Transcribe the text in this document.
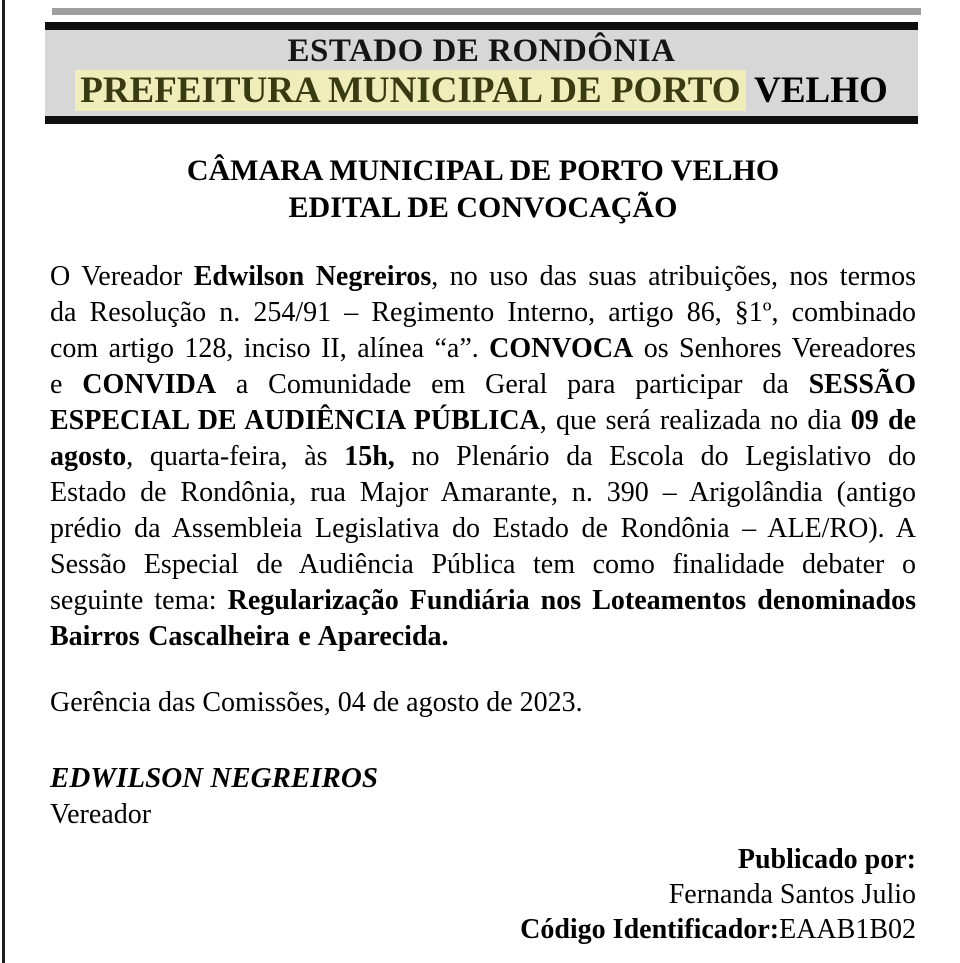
ESTADO DE RONDÔNIA
PREFEITURA MUNICIPAL DE PORTO VELHO
CÂMARA MUNICIPAL DE PORTO VELHO
EDITAL DE CONVOCAÇÃO

O Vereador Edwilson Negreiros, no uso das suas atribuições, nos termos da Resolução n. 254/91 – Regimento Interno, artigo 86, §1º, combinado com artigo 128, inciso II, alínea “a”. CONVOCA os Senhores Vereadores e CONVIDA a Comunidade em Geral para participar da SESSÃO ESPECIAL DE AUDIÊNCIA PÚBLICA, que será realizada no dia 09 de agosto, quarta-feira, às 15h, no Plenário da Escola do Legislativo do Estado de Rondônia, rua Major Amarante, n. 390 – Arigolândia (antigo prédio da Assembleia Legislativa do Estado de Rondônia – ALE/RO). A Sessão Especial de Audiência Pública tem como finalidade debater o seguinte tema: Regularização Fundiária nos Loteamentos denominados Bairros Cascalheira e Aparecida.

Gerência das Comissões, 04 de agosto de 2023.

EDWILSON NEGREIROS

Vereador

Publicado por:
Fernanda Santos Julio
Código Identificador:EAAB1B02
